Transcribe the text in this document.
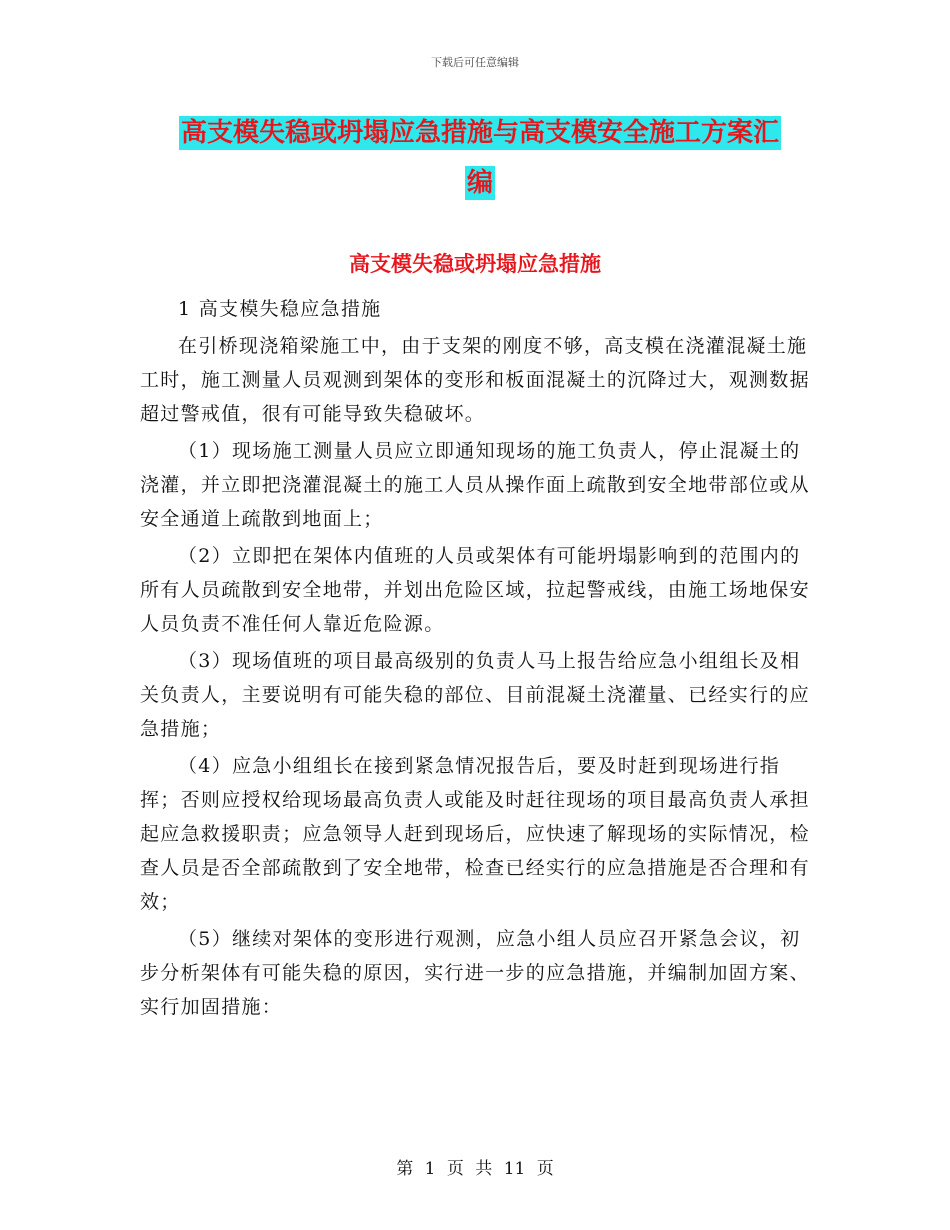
下载后可任意编辑
高支模失稳或坍塌应急措施与高支模安全施工方案汇
编
高支模失稳或坍塌应急措施

1 高支模失稳应急措施

在引桥现浇箱梁施工中，由于支架的刚度不够，高支模在浇灌混凝土施工时，施工测量人员观测到架体的变形和板面混凝土的沉降过大，观测数据超过警戒值，很有可能导致失稳破坏。

（1）现场施工测量人员应立即通知现场的施工负责人，停止混凝土的浇灌，并立即把浇灌混凝土的施工人员从操作面上疏散到安全地带部位或从安全通道上疏散到地面上；

（2）立即把在架体内值班的人员或架体有可能坍塌影响到的范围内的所有人员疏散到安全地带，并划出危险区域，拉起警戒线，由施工场地保安人员负责不准任何人靠近危险源。

（3）现场值班的项目最高级别的负责人马上报告给应急小组组长及相关负责人，主要说明有可能失稳的部位、目前混凝土浇灌量、已经实行的应急措施；

（4）应急小组组长在接到紧急情况报告后，要及时赶到现场进行指挥；否则应授权给现场最高负责人或能及时赶往现场的项目最高负责人承担起应急救援职责；应急领导人赶到现场后，应快速了解现场的实际情况，检查人员是否全部疏散到了安全地带，检查已经实行的应急措施是否合理和有效；

（5）继续对架体的变形进行观测，应急小组人员应召开紧急会议，初步分析架体有可能失稳的原因，实行进一步的应急措施，并编制加固方案、实行加固措施：

第 1 页 共 11 页
